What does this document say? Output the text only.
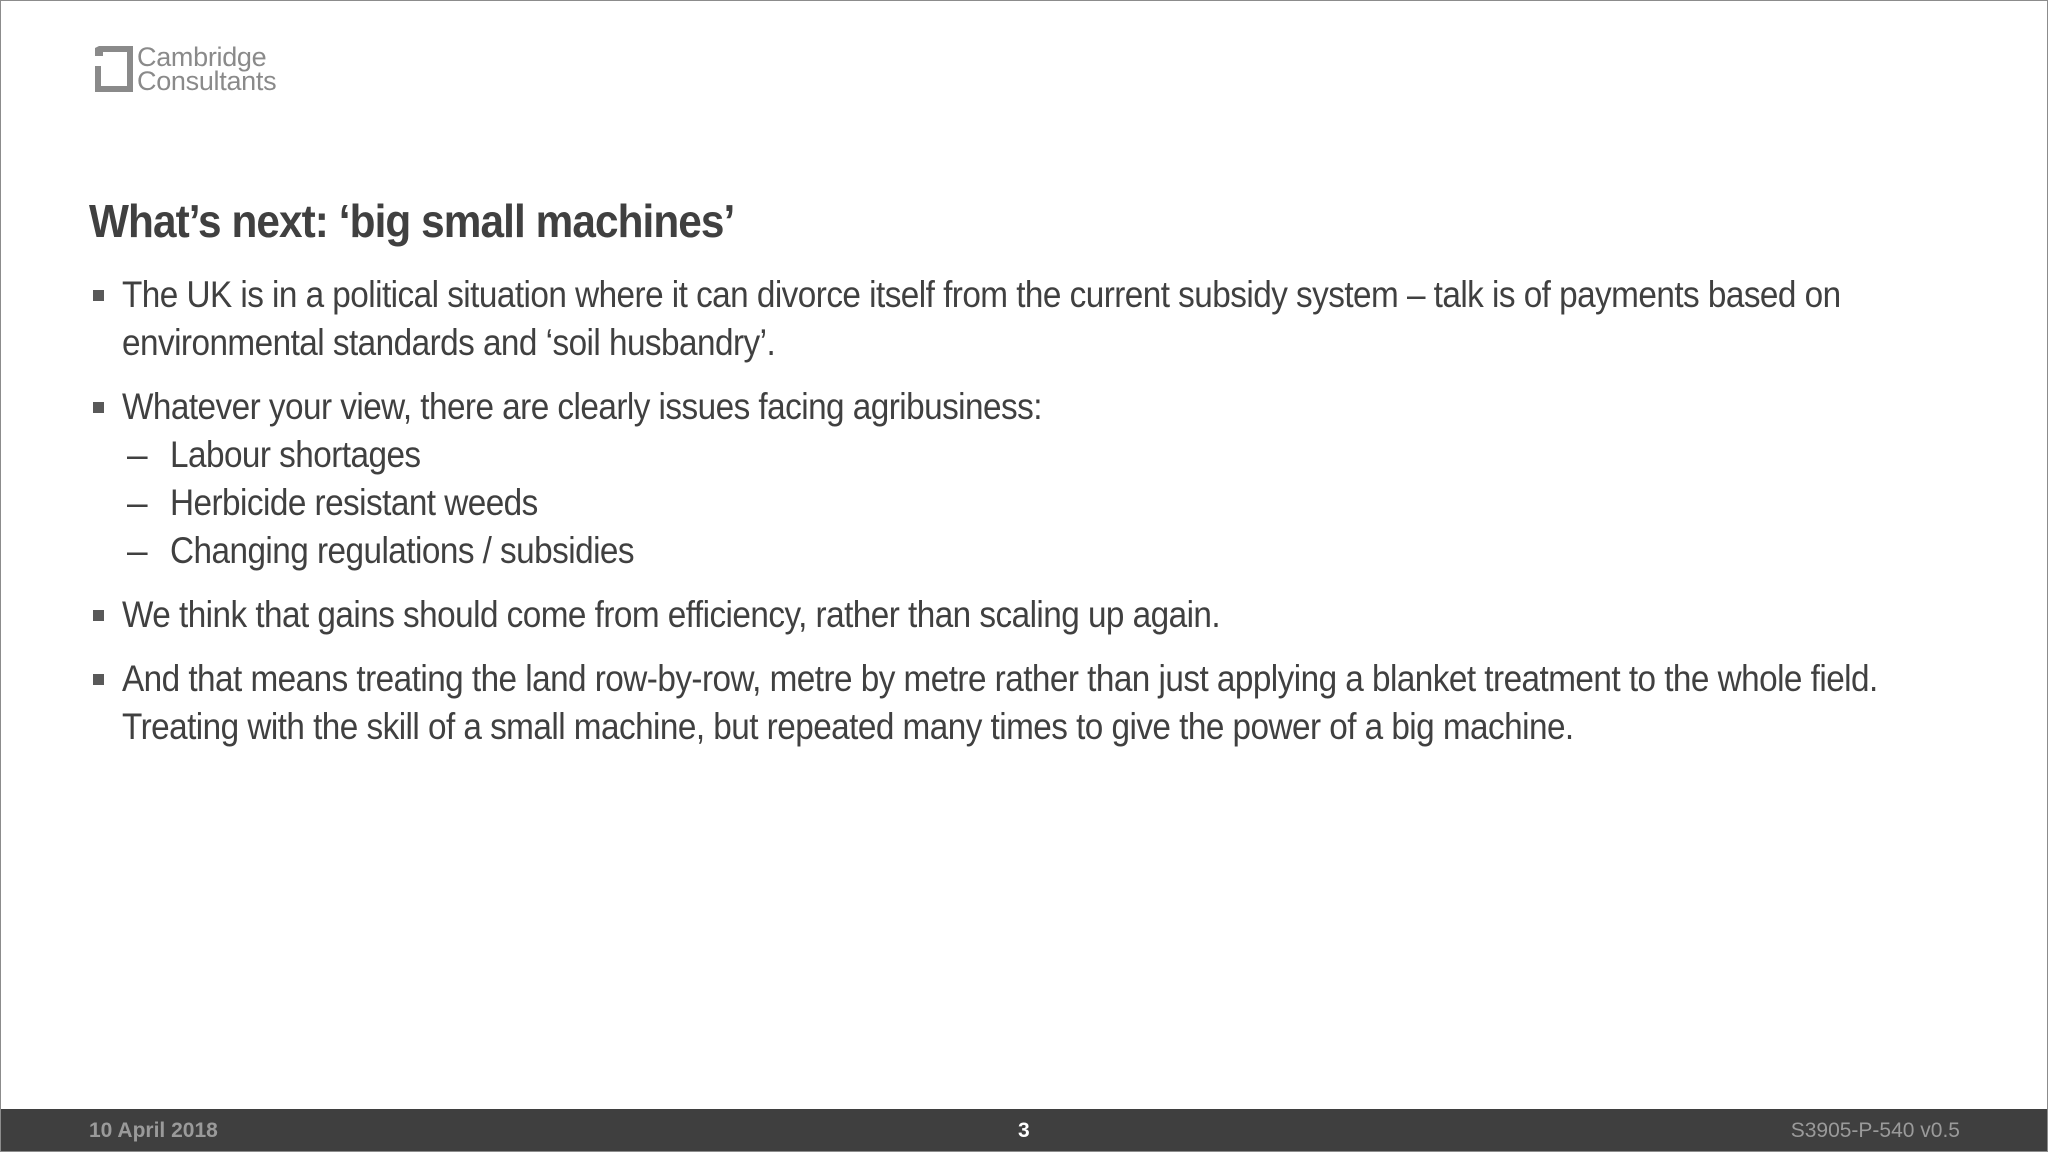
Cambridge
Consultants
What’s next: ‘big small machines’
The UK is in a political situation where it can divorce itself from the current subsidy system – talk is of payments based on environmental standards and ‘soil husbandry’.
Whatever your view, there are clearly issues facing agribusiness:
– Labour shortages
– Herbicide resistant weeds
– Changing regulations / subsidies
We think that gains should come from efficiency, rather than scaling up again.
And that means treating the land row-by-row, metre by metre rather than just applying a blanket treatment to the whole field. Treating with the skill of a small machine, but repeated many times to give the power of a big machine.
10 April 2018	3	S3905-P-540 v0.5
